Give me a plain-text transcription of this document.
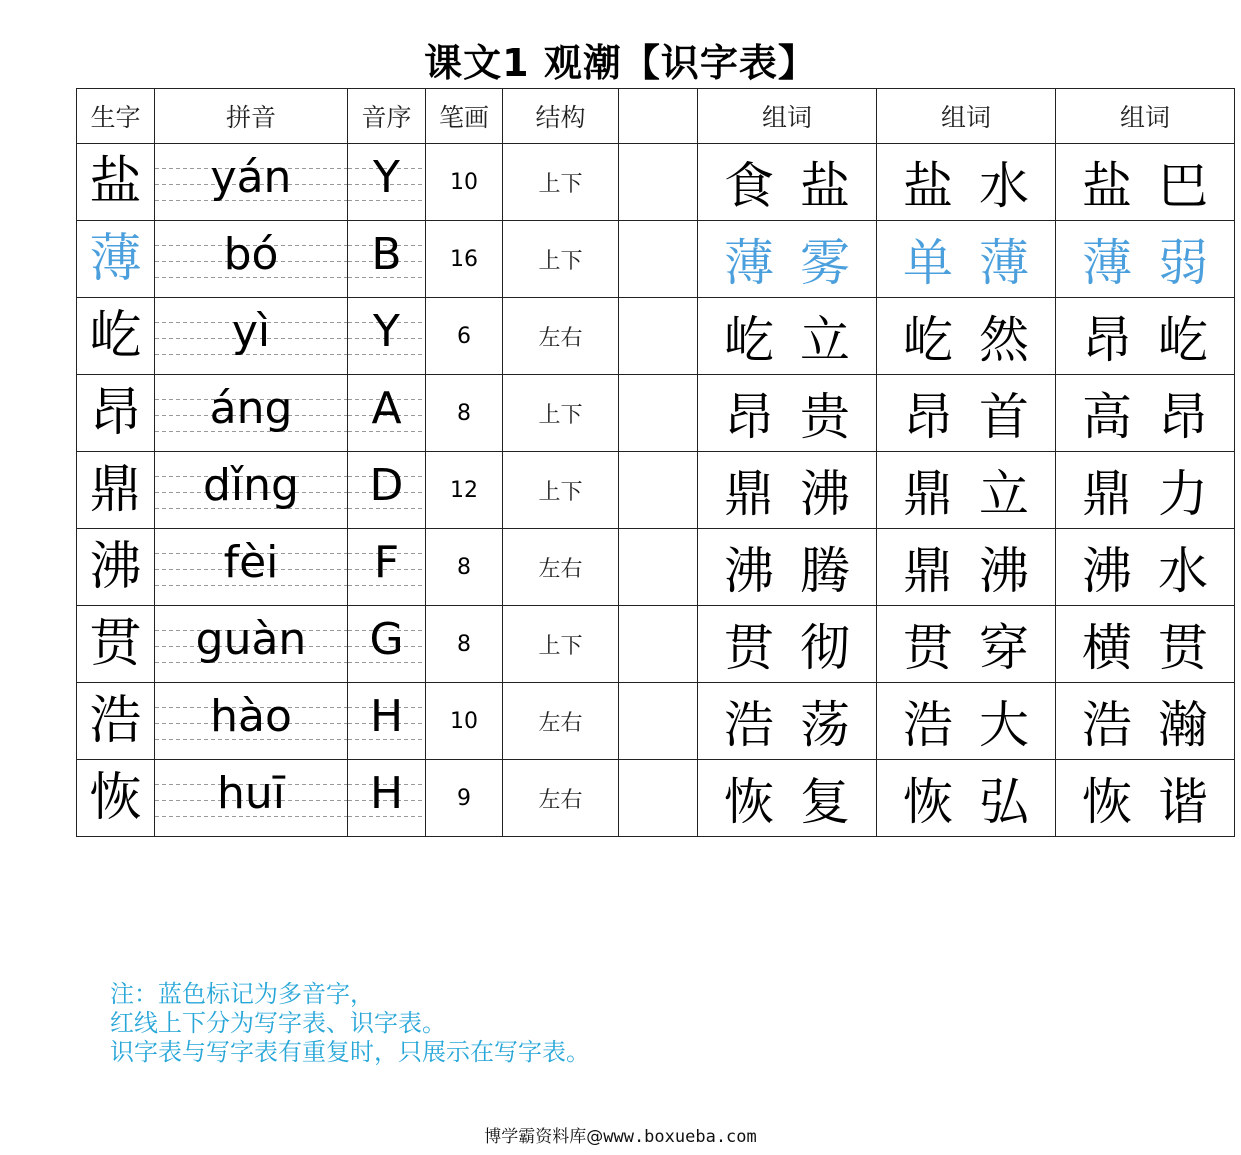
课文1 观潮【识字表】
生字	拼音	音序	笔画	结构		组词	组词	组词
盐	yán	Y	10	上下		食盐	盐水	盐巴
薄	bó	B	16	上下		薄雾	单薄	薄弱
屹	yì	Y	6	左右		屹立	屹然	昂屹
昂	áng	A	8	上下		昂贵	昂首	高昂
鼎	dǐng	D	12	上下		鼎沸	鼎立	鼎力
沸	fèi	F	8	左右		沸腾	鼎沸	沸水
贯	guàn	G	8	上下		贯彻	贯穿	横贯
浩	hào	H	10	左右		浩荡	浩大	浩瀚
恢	huī	H	9	左右		恢复	恢弘	恢谐
注：蓝色标记为多音字，
红线上下分为写字表、识字表。
识字表与写字表有重复时，只展示在写字表。
博学霸资料库@www.boxueba.com
